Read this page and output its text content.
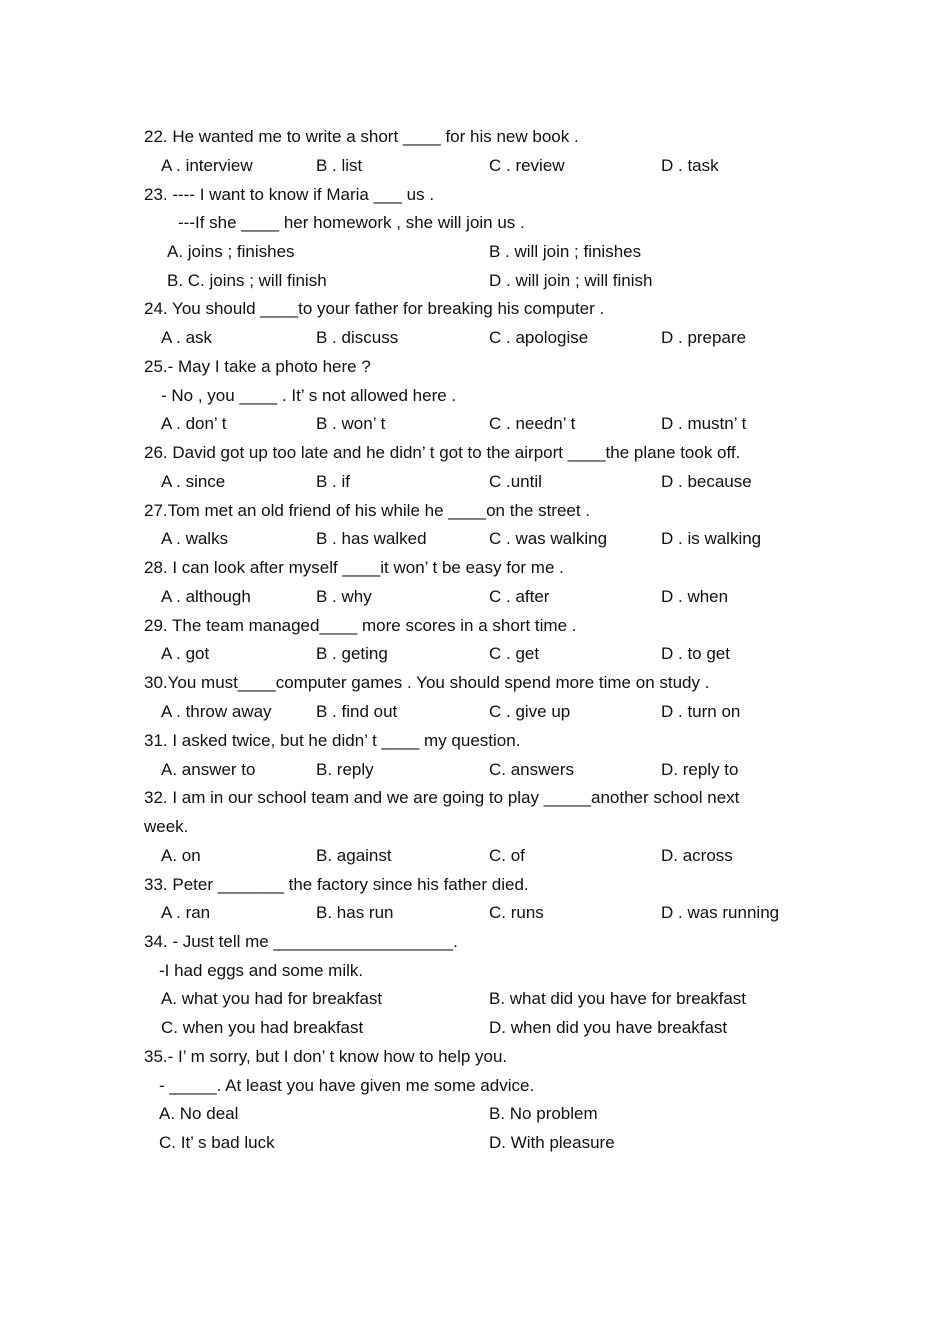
22. He wanted me to write a short ____ for his new book .
A . interview	B . list	C . review	D . task
23. ---- I want to know if Maria ___ us .
---If she ____ her homework , she will join us .
A. joins ; finishes	B . will join ; finishes
B. C. joins ; will finish	D . will join ; will finish
24. You should ____to your father for breaking his computer .
A . ask	B . discuss	C . apologise	D . prepare
25.- May I take a photo here ?
- No , you ____ . It’ s not allowed here .
A . don’ t	B . won’ t	C . needn’ t	D . mustn’ t
26. David got up too late and he didn’ t got to the airport ____the plane took off.
A . since	B . if	C .until	D . because
27.Tom met an old friend of his while he ____on the street .
A . walks	B . has walked	C . was walking	D . is walking
28. I can look after myself ____it won’ t be easy for me .
A . although	B . why	C . after	D . when
29. The team managed____ more scores in a short time .
A . got	B . geting	C . get	D . to get
30.You must____computer games . You should spend more time on study .
A . throw away	B . find out	C . give up	D . turn on
31. I asked twice, but he didn’ t ____ my question.
A. answer to	B. reply	C. answers	D. reply to
32. I am in our school team and we are going to play _____another school next
week.
A. on	B. against	C. of	D. across
33. Peter _______ the factory since his father died.
A . ran	B. has run	C. runs	D . was running
34. - Just tell me ___________________.
-I had eggs and some milk.
A. what you had for breakfast	B. what did you have for breakfast
C. when you had breakfast	D. when did you have breakfast
35.- I’ m sorry, but I don’ t know how to help you.
- _____. At least you have given me some advice.
A. No deal	B. No problem
C. It’ s bad luck	D. With pleasure
